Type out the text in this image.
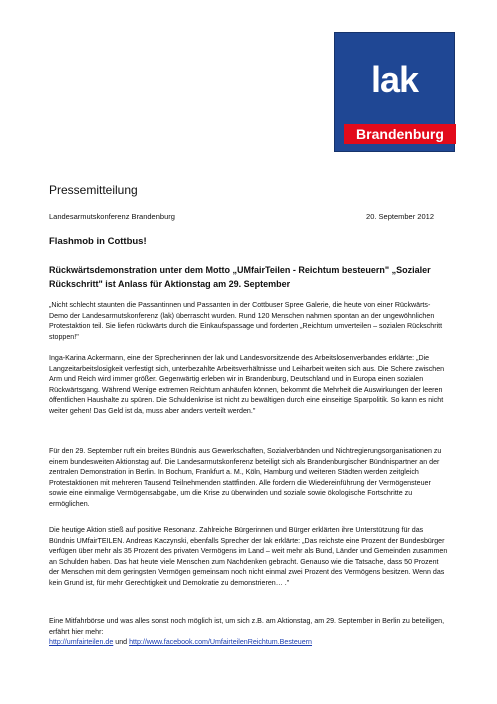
lak
Brandenburg
Pressemitteilung
Landesarmutskonferenz Brandenburg	20. September 2012
Flashmob in Cottbus!
Rückwärtsdemonstration unter dem Motto „UMfairTeilen - Reichtum besteuern" „Sozialer Rückschritt" ist Anlass für Aktionstag am 29. September

„Nicht schlecht staunten die Passantinnen und Passanten in der Cottbuser Spree Galerie, die heute von einer Rückwärts-Demo der Landesarmutskonferenz (lak) überrascht wurden. Rund 120 Menschen nahmen spontan an der ungewöhnlichen Protestaktion teil. Sie liefen rückwärts durch die Einkaufspassage und forderten „Reichtum umverteilen – sozialen Rückschritt stoppen!"

Inga-Karina Ackermann, eine der Sprecherinnen der lak und Landesvorsitzende des Arbeitslosenverbandes erklärte: „Die Langzeitarbeitslosigkeit verfestigt sich, unterbezahlte Arbeitsverhältnisse und Leiharbeit weiten sich aus. Die Schere zwischen Arm und Reich wird immer größer. Gegenwärtig erleben wir in Brandenburg, Deutschland und in Europa einen sozialen Rückwärtsgang. Während Wenige extremen Reichtum anhäufen können, bekommt die Mehrheit die Auswirkungen der leeren öffentlichen Haushalte zu spüren. Die Schuldenkrise ist nicht zu bewältigen durch eine einseitige Sparpolitik. So kann es nicht weiter gehen! Das Geld ist da, muss aber anders verteilt werden."

Für den 29. September ruft ein breites Bündnis aus Gewerkschaften, Sozialverbänden und Nichtregierungsorganisationen zu einem bundesweiten Aktionstag auf. Die Landesarmutskonferenz beteiligt sich als Brandenburgischer Bündnispartner an der zentralen Demonstration in Berlin. In Bochum, Frankfurt a. M., Köln, Hamburg und weiteren Städten werden zeitgleich Protestaktionen mit mehreren Tausend Teilnehmenden stattfinden. Alle fordern die Wiedereinführung der Vermögensteuer sowie eine einmalige Vermögensabgabe, um die Krise zu überwinden und soziale sowie ökologische Fortschritte zu ermöglichen.

Die heutige Aktion stieß auf positive Resonanz. Zahlreiche Bürgerinnen und Bürger erklärten ihre Unterstützung für das Bündnis UMfairTEILEN. Andreas Kaczynski, ebenfalls Sprecher der lak erklärte: „Das reichste eine Prozent der Bundesbürger verfügen über mehr als 35 Prozent des privaten Vermögens im Land – weit mehr als Bund, Länder und Gemeinden zusammen an Schulden haben. Das hat heute viele Menschen zum Nachdenken gebracht. Genauso wie die Tatsache, dass 50 Prozent der Menschen mit dem geringsten Vermögen gemeinsam noch nicht einmal zwei Prozent des Vermögens besitzen. Wenn das kein Grund ist, für mehr Gerechtigkeit und Demokratie zu demonstrieren… ."

Eine Mitfahrbörse und was alles sonst noch möglich ist, um sich z.B. am Aktionstag, am 29. September in Berlin zu beteiligen, erfährt hier mehr:
http://umfairteilen.de und http://www.facebook.com/UmfairteilenReichtum.Besteuern
